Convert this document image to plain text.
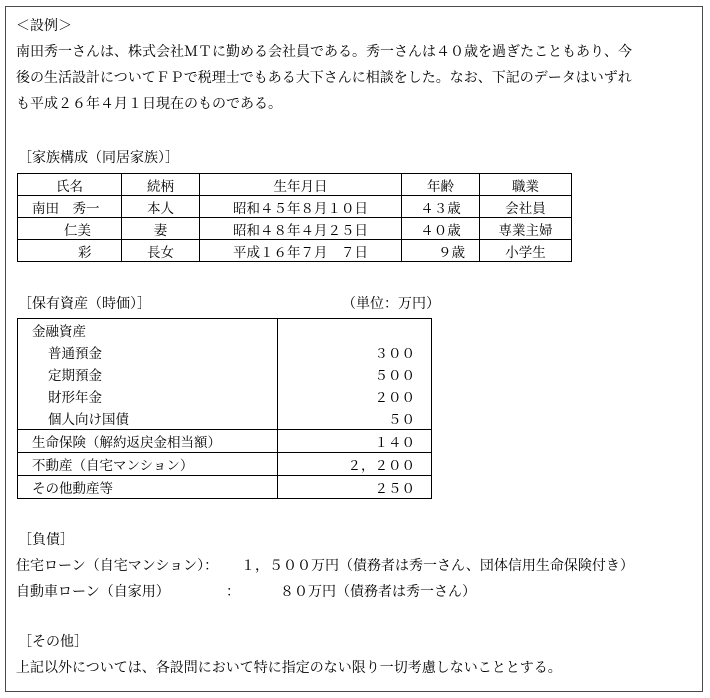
＜設例＞
南田秀一さんは、株式会社ＭＴに勤める会社員である。秀一さんは４０歳を過ぎたこともあり、今
後の生活設計についてＦＰで税理士でもある大下さんに相談をした。なお、下記のデータはいずれ
も平成２６年４月１日現在のものである。
［家族構成（同居家族）］
氏名	続柄	生年月日	年齢	職業
南田　秀一	本人	昭和４５年８月１０日	４３歳	会社員
仁美	妻	昭和４８年４月２５日	４０歳	専業主婦
彩	長女	平成１６年７月　７日	９歳	小学生
［保有資産（時価）］	（単位：万円）
金融資産	
普通預金	３００
定期預金	５００
財形年金	２００
個人向け国債	５０
生命保険（解約返戻金相当額）	１４０
不動産（自宅マンション）	２，２００
その他動産等	２５０
［負債］
住宅ローン（自宅マンション）： １，５００万円（債務者は秀一さん、団体信用生命保険付き）
自動車ローン（自家用）	：	８０万円（債務者は秀一さん）
［その他］
上記以外については、各設問において特に指定のない限り一切考慮しないこととする。
